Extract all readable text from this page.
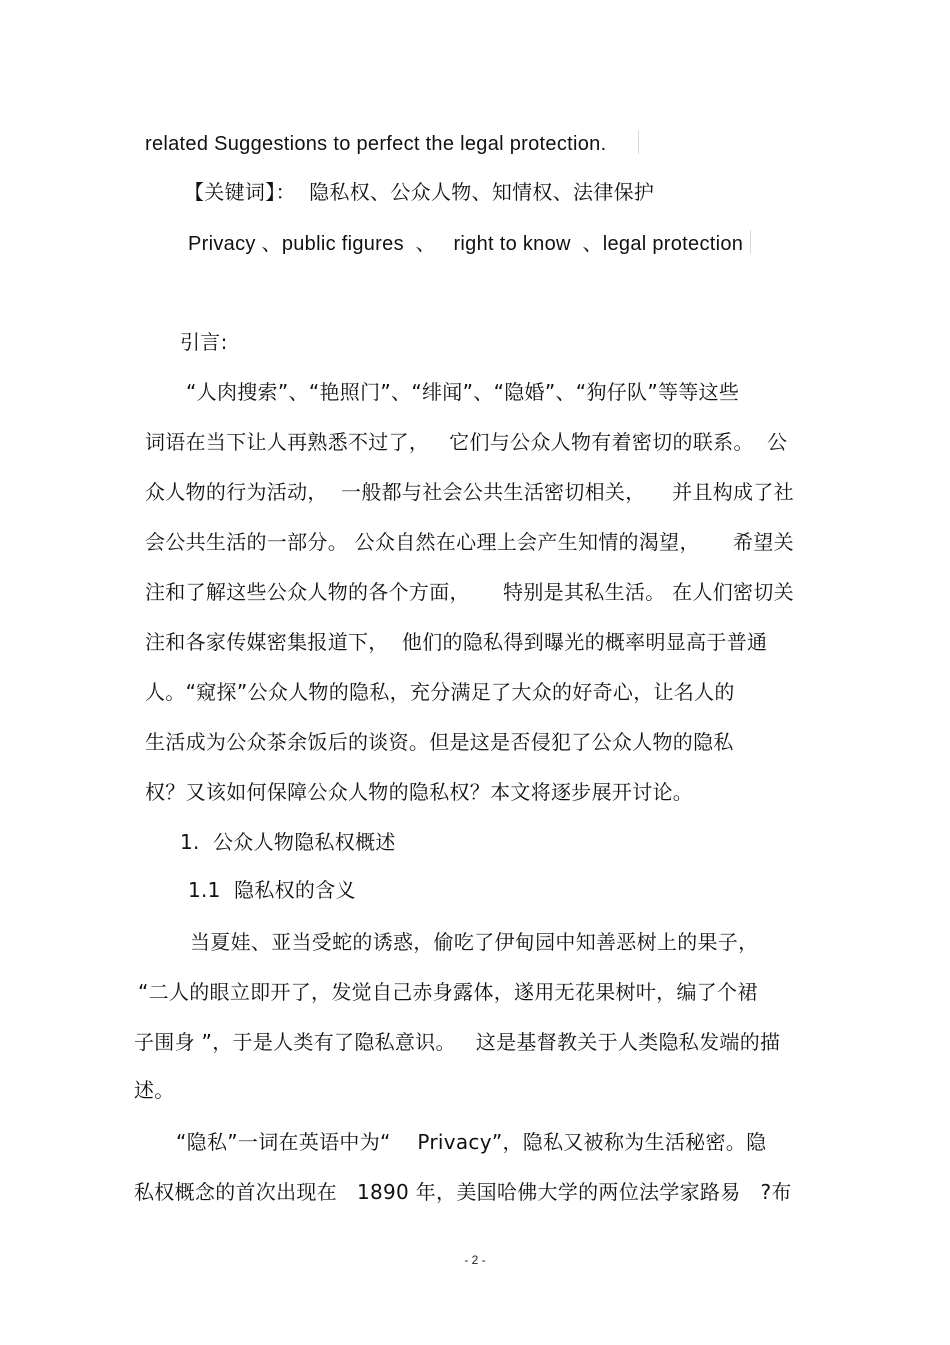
related Suggestions to perfect the legal protection.
【关键词】：  隐私权、公众人物、知情权、法律保护
Privacy 、public figures  、   right to know  、legal protection
引言:
“人肉搜索”、“艳照门”、“绯闻”、“隐婚”、“狗仔队”等等这些
词语在当下让人再熟悉不过了，   它们与公众人物有着密切的联系。  公
众人物的行为活动，  一般都与社会公共生活密切相关，    并且构成了社
会公共生活的一部分。 公众自然在心理上会产生知情的渴望，     希望关
注和了解这些公众人物的各个方面，     特别是其私生活。 在人们密切关
注和各家传媒密集报道下，  他们的隐私得到曝光的概率明显高于普通
人。“窥探”公众人物的隐私，充分满足了大众的好奇心，让名人的
生活成为公众茶余饭后的谈资。但是这是否侵犯了公众人物的隐私
权？又该如何保障公众人物的隐私权？本文将逐步展开讨论。
1.  公众人物隐私权概述
1.1  隐私权的含义
当夏娃、亚当受蛇的诱惑，偷吃了伊甸园中知善恶树上的果子，
“二人的眼立即开了，发觉自己赤身露体，遂用无花果树叶，编了个裙
子围身 ”，于是人类有了隐私意识。   这是基督教关于人类隐私发端的描
述。
“隐私”一词在英语中为“    Privacy”，隐私又被称为生活秘密。隐
私权概念的首次出现在   1890 年，美国哈佛大学的两位法学家路易   ?布
- 2 -
